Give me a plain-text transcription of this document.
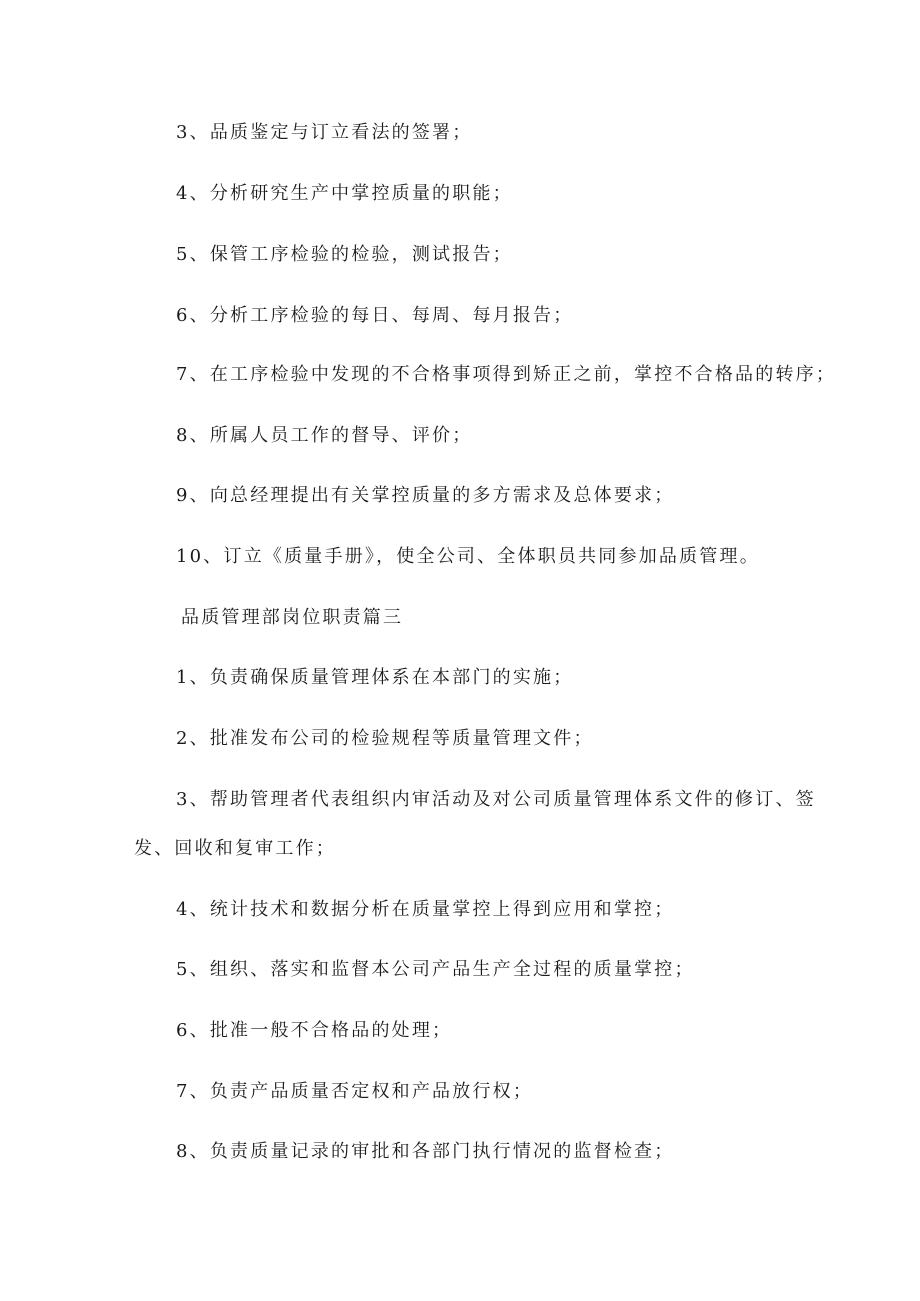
3、品质鉴定与订立看法的签署；
4、分析研究生产中掌控质量的职能；
5、保管工序检验的检验，测试报告；
6、分析工序检验的每日、每周、每月报告；
7、在工序检验中发现的不合格事项得到矫正之前，掌控不合格品的转序；
8、所属人员工作的督导、评价；
9、向总经理提出有关掌控质量的多方需求及总体要求；
10、订立《质量手册》，使全公司、全体职员共同参加品质管理。
品质管理部岗位职责篇三
1、负责确保质量管理体系在本部门的实施；
2、批准发布公司的检验规程等质量管理文件；
3、帮助管理者代表组织内审活动及对公司质量管理体系文件的修订、签
发、回收和复审工作；
4、统计技术和数据分析在质量掌控上得到应用和掌控；
5、组织、落实和监督本公司产品生产全过程的质量掌控；
6、批准一般不合格品的处理；
7、负责产品质量否定权和产品放行权；
8、负责质量记录的审批和各部门执行情况的监督检查；
